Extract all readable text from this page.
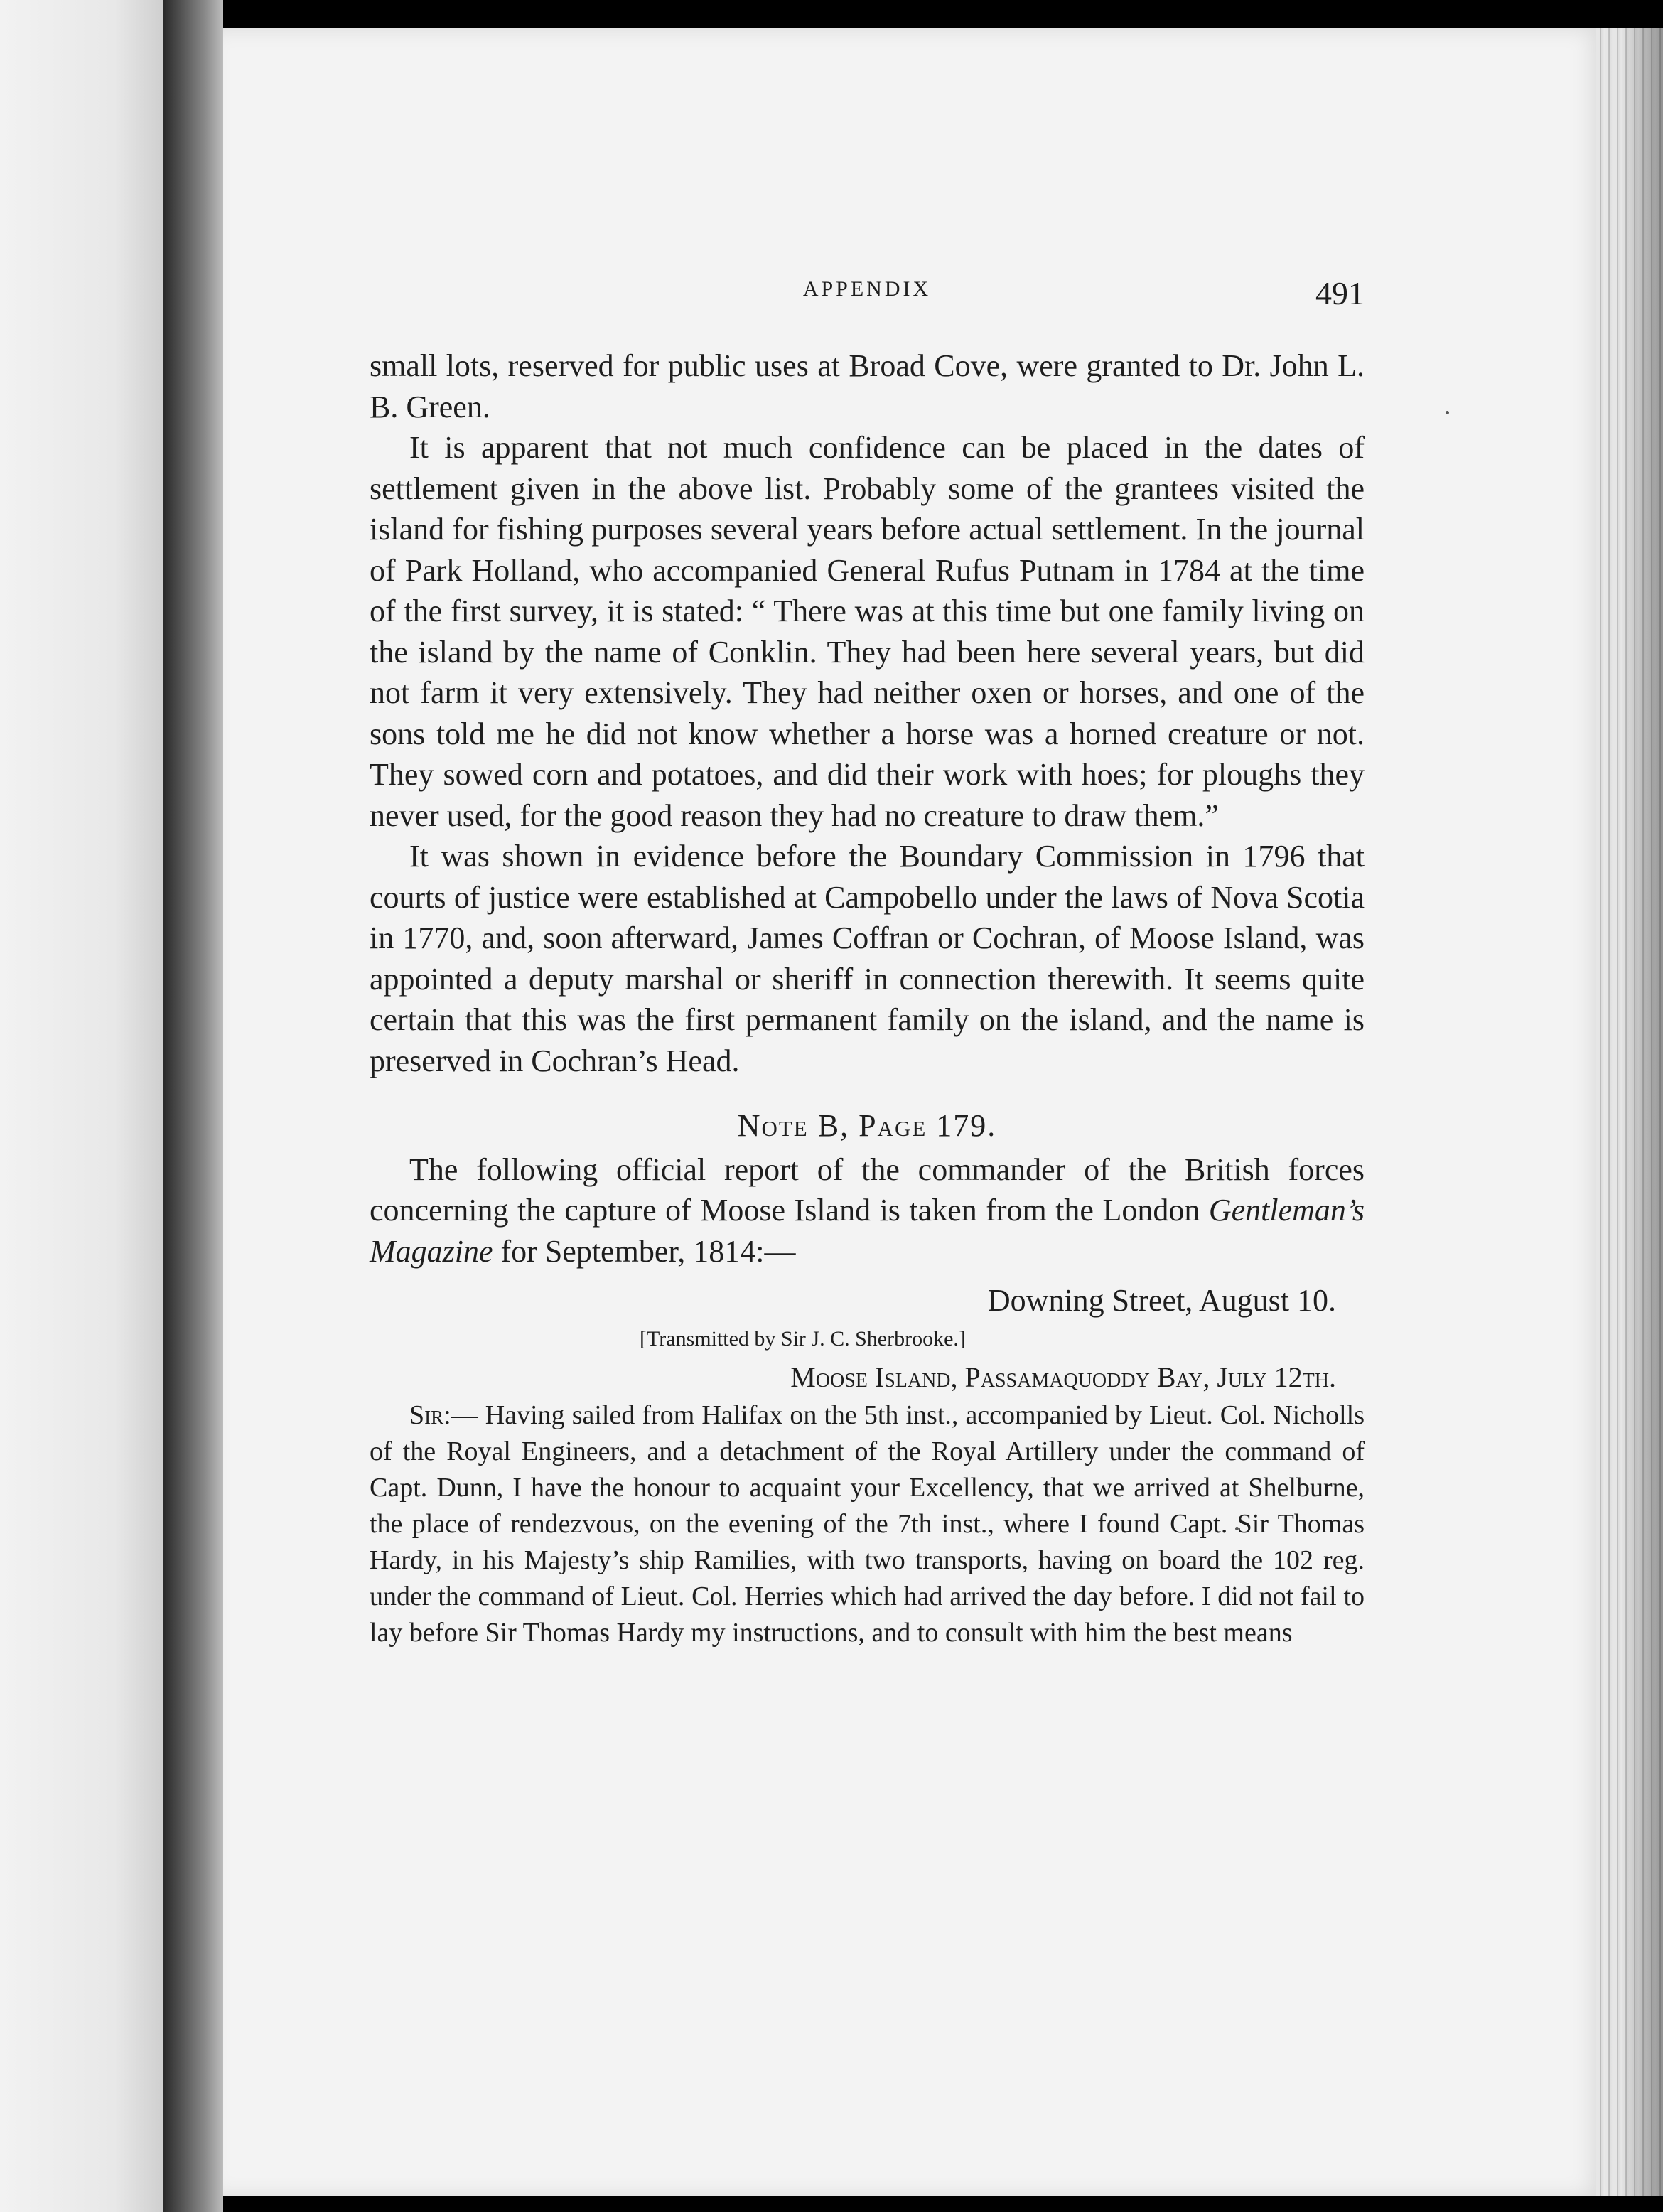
APPENDIX	491

small lots, reserved for public uses at Broad Cove, were granted to Dr. John L. B. Green.

It is apparent that not much confidence can be placed in the dates of settlement given in the above list. Probably some of the grantees visited the island for fishing purposes several years before actual settlement. In the journal of Park Holland, who accompanied General Rufus Putnam in 1784 at the time of the first survey, it is stated: “ There was at this time but one family living on the island by the name of Conklin. They had been here several years, but did not farm it very extensively. They had neither oxen or horses, and one of the sons told me he did not know whether a horse was a horned creature or not. They sowed corn and potatoes, and did their work with hoes; for ploughs they never used, for the good reason they had no creature to draw them.”

It was shown in evidence before the Boundary Commission in 1796 that courts of justice were established at Campobello under the laws of Nova Scotia in 1770, and, soon afterward, James Coffran or Cochran, of Moose Island, was appointed a deputy marshal or sheriff in connection therewith. It seems quite certain that this was the first permanent family on the island, and the name is preserved in Cochran’s Head.

Note B, Page 179.

The following official report of the commander of the British forces concerning the capture of Moose Island is taken from the London Gentleman’s Magazine for September, 1814:—

Downing Street, August 10.
[Transmitted by Sir J. C. Sherbrooke.]
Moose Island, Passamaquoddy Bay, July 12th.

Sir:— Having sailed from Halifax on the 5th inst., accompanied by Lieut. Col. Nicholls of the Royal Engineers, and a detachment of the Royal Artillery under the command of Capt. Dunn, I have the honour to acquaint your Excellency, that we arrived at Shelburne, the place of rendezvous, on the evening of the 7th inst., where I found Capt. Sir Thomas Hardy, in his Majesty’s ship Ramilies, with two transports, having on board the 102 reg. under the command of Lieut. Col. Herries which had arrived the day before. I did not fail to lay before Sir Thomas Hardy my instructions, and to consult with him the best means
